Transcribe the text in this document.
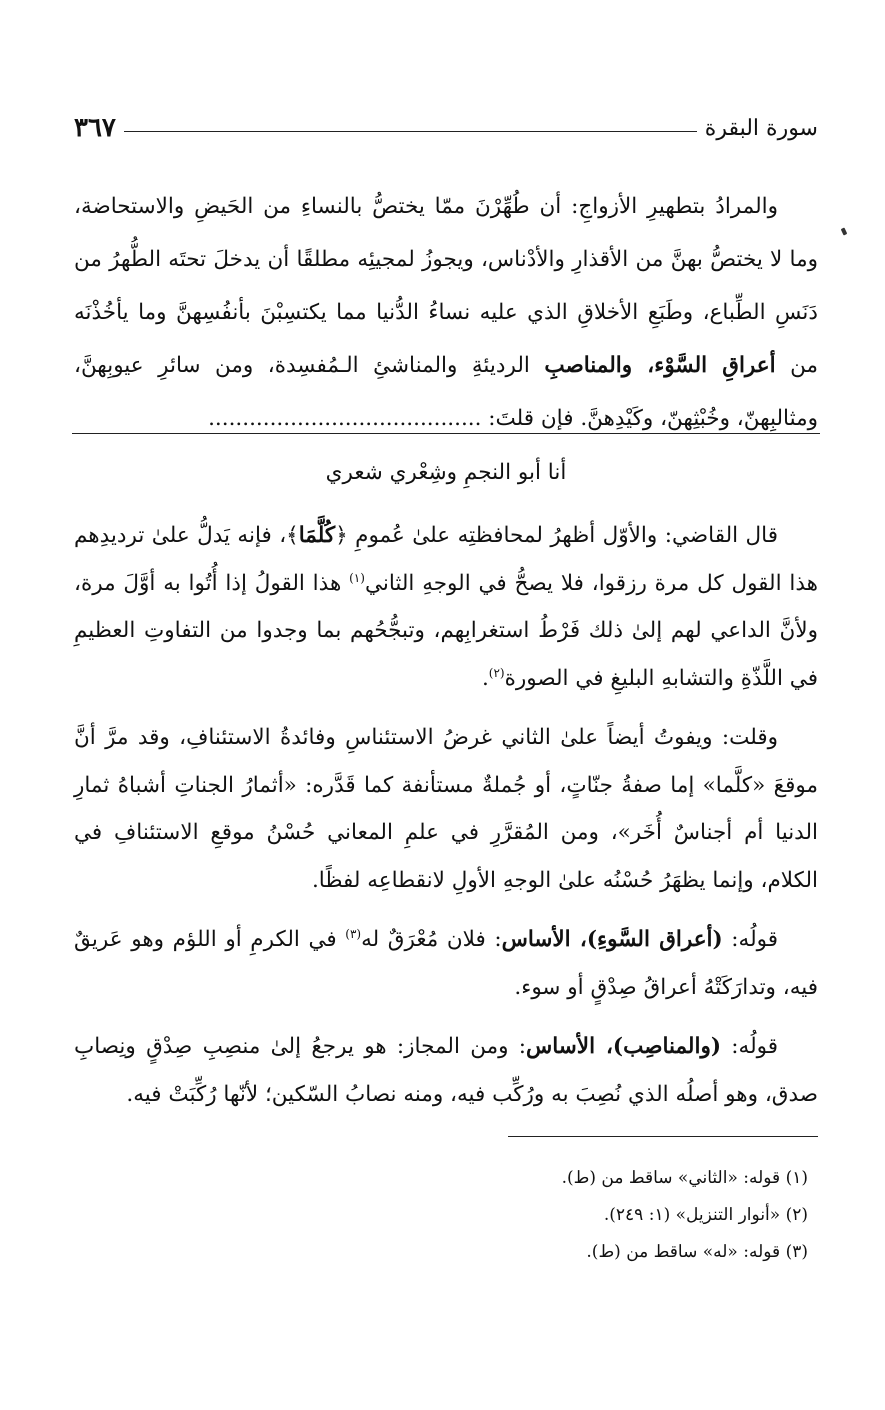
سورة البقرة
٣٦٧

والمرادُ بتطهيرِ الأزواجِ: أن طُهِّرْنَ ممّا يختصُّ بالنساءِ من الحَيضِ والاستحاضة، وما لا يختصُّ بهنَّ من الأقذارِ والأدْناس، ويجوزُ لمجيئِه مطلقًا أن يدخلَ تحتَه الطُّهرُ من دَنَسِ الطِّباع، وطَبَعِ الأخلاقِ الذي عليه نساءُ الدُّنيا مما يكتسِبْنَ بأنفُسِهنَّ وما يأخُذْنَه من أعراقِ السَّوْء، والمناصبِ الرديئةِ والمناشئِ الـمُفسِدة، ومن سائرِ عيوبِهنَّ، ومثالبِهنّ، وخُبْثِهنّ، وكَيْدِهنَّ. فإن قلتَ: ........................................

أنا أبو النجمِ وشِعْري شعري

قال القاضي: والأوّل أظهرُ لمحافظتِه علىٰ عُمومِ ﴿كُلَّمَا﴾، فإنه يَدلُّ علىٰ ترديدِهم هذا القول كل مرة رزقوا، فلا يصحُّ في الوجهِ الثاني$^{(١)}$ هذا القولُ إذا أُتُوا به أوَّلَ مرة، ولأنَّ الداعي لهم إلىٰ ذلك فَرْطُ استغرابِهم، وتبجُّحُهم بما وجدوا من التفاوتِ العظيمِ في اللَّذّةِ والتشابهِ البليغِ في الصورة$^{(٢)}$.

وقلت: ويفوتُ أيضاً علىٰ الثاني غرضُ الاستئناسِ وفائدةُ الاستئنافِ، وقد مرَّ أنَّ موقعَ «كلَّما» إما صفةُ جنّاتٍ، أو جُملةٌ مستأنفة كما قَدَّره: «أثمارُ الجناتِ أشباهُ ثمارِ الدنيا أم أجناسٌ أُخَر»، ومن المُقرَّرِ في علمِ المعاني حُسْنُ موقعِ الاستئنافِ في الكلام، وإنما يظهَرُ حُسْنُه علىٰ الوجهِ الأولِ لانقطاعِه لفظًا.

قولُه: (أعراق السَّوءِ)، الأساس: فلان مُعْرَقٌ له$^{(٣)}$ في الكرمِ أو اللؤم وهو عَريقٌ فيه، وتدارَكَتْهُ أعراقُ صِدْقٍ أو سوء.

قولُه: (والمناصِب)، الأساس: ومن المجاز: هو يرجعُ إلىٰ منصِبِ صِدْقٍ ونِصابِ صدق، وهو أصلُه الذي نُصِبَ به ورُكِّب فيه، ومنه نصابُ السّكين؛ لأنّها رُكِّبَتْ فيه.

(١) قوله: «الثاني» ساقط من (ط).
(٢) «أنوار التنزيل» (١: ٢٤٩).
(٣) قوله: «له» ساقط من (ط).
